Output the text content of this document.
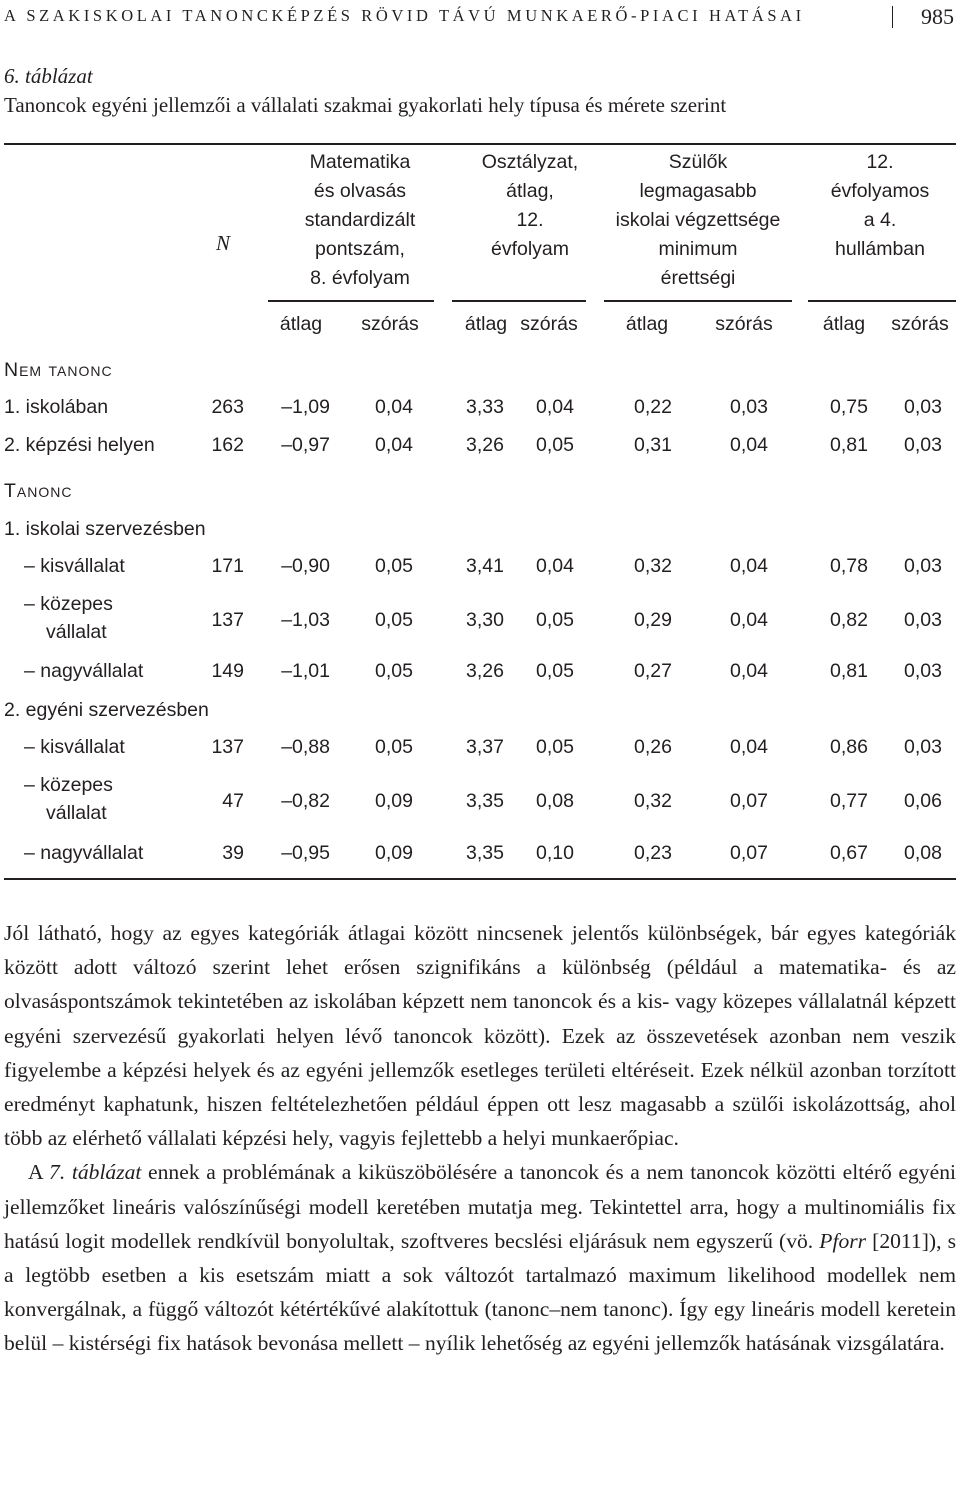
A SZAKISKOLAI TANONCKÉPZÉS RÖVID TÁVÚ MUNKAERŐ-PIACI HATÁSAI	985
6. táblázat
Tanoncok egyéni jellemzői a vállalati szakmai gyakorlati hely típusa és mérete szerint
N
Matematika
és olvasás
standardizált
pontszám,
8. évfolyam
Osztályzat,
átlag,
12.
évfolyam
Szülők
legmagasabb
iskolai végzettsége
minimum
érettségi
12.
évfolyamos
a 4.
hullámban
átlag	szórás	átlag szórás	átlag	szórás	átlag	szórás
Nem tanonc
1. iskolában	263	–1,09	0,04	3,33	0,04	0,22	0,03	0,75	0,03
2. képzési helyen	162	–0,97	0,04	3,26	0,05	0,31	0,04	0,81	0,03
Tanonc
1. iskolai szervezésben
– kisvállalat	171	–0,90	0,05	3,41	0,04	0,32	0,04	0,78	0,03
– közepes
vállalat
137	–1,03	0,05	3,30	0,05	0,29	0,04	0,82	0,03
– nagyvállalat	149	–1,01	0,05	3,26	0,05	0,27	0,04	0,81	0,03
2. egyéni szervezésben
– kisvállalat	137	–0,88	0,05	3,37	0,05	0,26	0,04	0,86	0,03
– közepes
vállalat
47	–0,82	0,09	3,35	0,08	0,32	0,07	0,77	0,06
– nagyvállalat	39	–0,95	0,09	3,35	0,10	0,23	0,07	0,67	0,08

Jól látható, hogy az egyes kategóriák átlagai között nincsenek jelentős különbségek, bár egyes kategóriák között adott változó szerint lehet erősen szignifikáns a különbség (például a matematika- és az olvasáspontszámok tekintetében az iskolában képzett nem tanoncok és a kis- vagy közepes vállalatnál képzett egyéni szervezésű gyakorlati helyen lévő tanoncok között). Ezek az összevetések azonban nem veszik figyelembe a képzési helyek és az egyéni jellemzők esetleges területi eltéréseit. Ezek nélkül azonban torzított eredményt kaphatunk, hiszen feltételezhetően például éppen ott lesz magasabb a szülői iskolázottság, ahol több az elérhető vállalati képzési hely, vagyis fejlettebb a helyi munkaerőpiac.

A 7. táblázat ennek a problémának a kiküszöbölésére a tanoncok és a nem tanoncok közötti eltérő egyéni jellemzőket lineáris valószínűségi modell keretében mutatja meg. Tekintettel arra, hogy a multinomiális fix hatású logit modellek rendkívül bonyolultak, szoftveres becslési eljárásuk nem egyszerű (vö. Pforr [2011]), s a legtöbb esetben a kis esetszám miatt a sok változót tartalmazó maximum likelihood modellek nem konvergálnak, a függő változót kétértékűvé alakítottuk (tanonc–nem tanonc). Így egy lineáris modell keretein belül – kistérségi fix hatások bevonása mellett – nyílik lehetőség az egyéni jellemzők hatásának vizsgálatára.
